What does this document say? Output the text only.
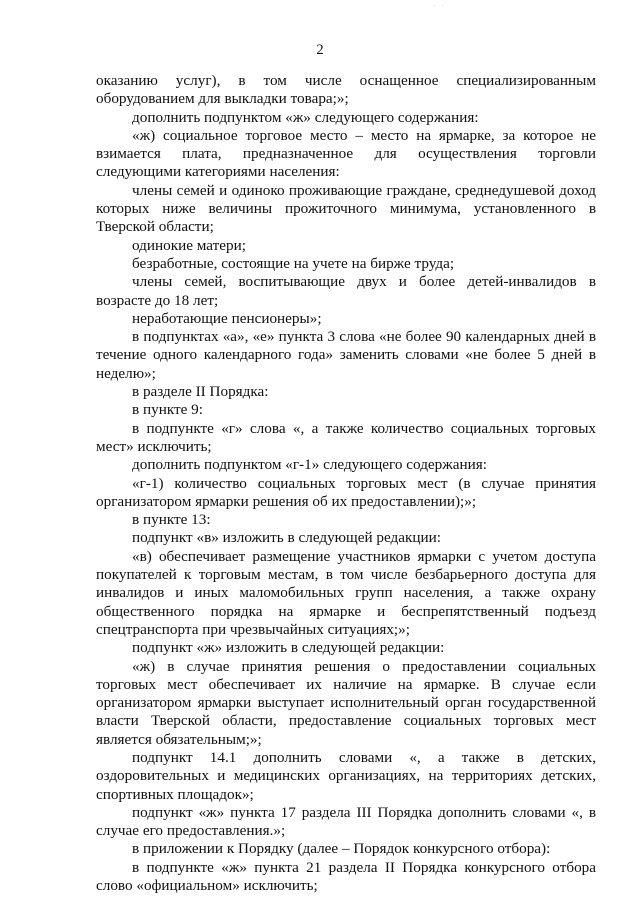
· ·
2

оказанию услуг), в том числе оснащенное специализированным оборудованием для выкладки товара;»;

дополнить подпунктом «ж» следующего содержания:

«ж) социальное торговое место – место на ярмарке, за которое не взимается плата, предназначенное для осуществления торговли следующими категориями населения:

члены семей и одиноко проживающие граждане, среднедушевой доход которых ниже величины прожиточного минимума, установленного в Тверской области;

одинокие матери;

безработные, состоящие на учете на бирже труда;

члены семей, воспитывающие двух и более детей-инвалидов в возрасте до 18 лет;

неработающие пенсионеры»;

в подпунктах «а», «е» пункта 3 слова «не более 90 календарных дней в течение одного календарного года» заменить словами «не более 5 дней в неделю»;

в разделе II Порядка:

в пункте 9:

в подпункте «г» слова «, а также количество социальных торговых мест» исключить;

дополнить подпунктом «г-1» следующего содержания:

«г-1) количество социальных торговых мест (в случае принятия организатором ярмарки решения об их предоставлении);»;

в пункте 13:

подпункт «в» изложить в следующей редакции:

«в) обеспечивает размещение участников ярмарки с учетом доступа покупателей к торговым местам, в том числе безбарьерного доступа для инвалидов и иных маломобильных групп населения, а также охрану общественного порядка на ярмарке и беспрепятственный подъезд спецтранспорта при чрезвычайных ситуациях;»;

подпункт «ж» изложить в следующей редакции:

«ж) в случае принятия решения о предоставлении социальных торговых мест обеспечивает их наличие на ярмарке. В случае если организатором ярмарки выступает исполнительный орган государственной власти Тверской области, предоставление социальных торговых мест является обязательным;»;

подпункт 14.1 дополнить словами «, а также в детских, оздоровительных и медицинских организациях, на территориях детских, спортивных площадок»;

подпункт «ж» пункта 17 раздела III Порядка дополнить словами «, в случае его предоставления.»;

в приложении к Порядку (далее – Порядок конкурсного отбора):

в подпункте «ж» пункта 21 раздела II Порядка конкурсного отбора слово «официальном» исключить;
